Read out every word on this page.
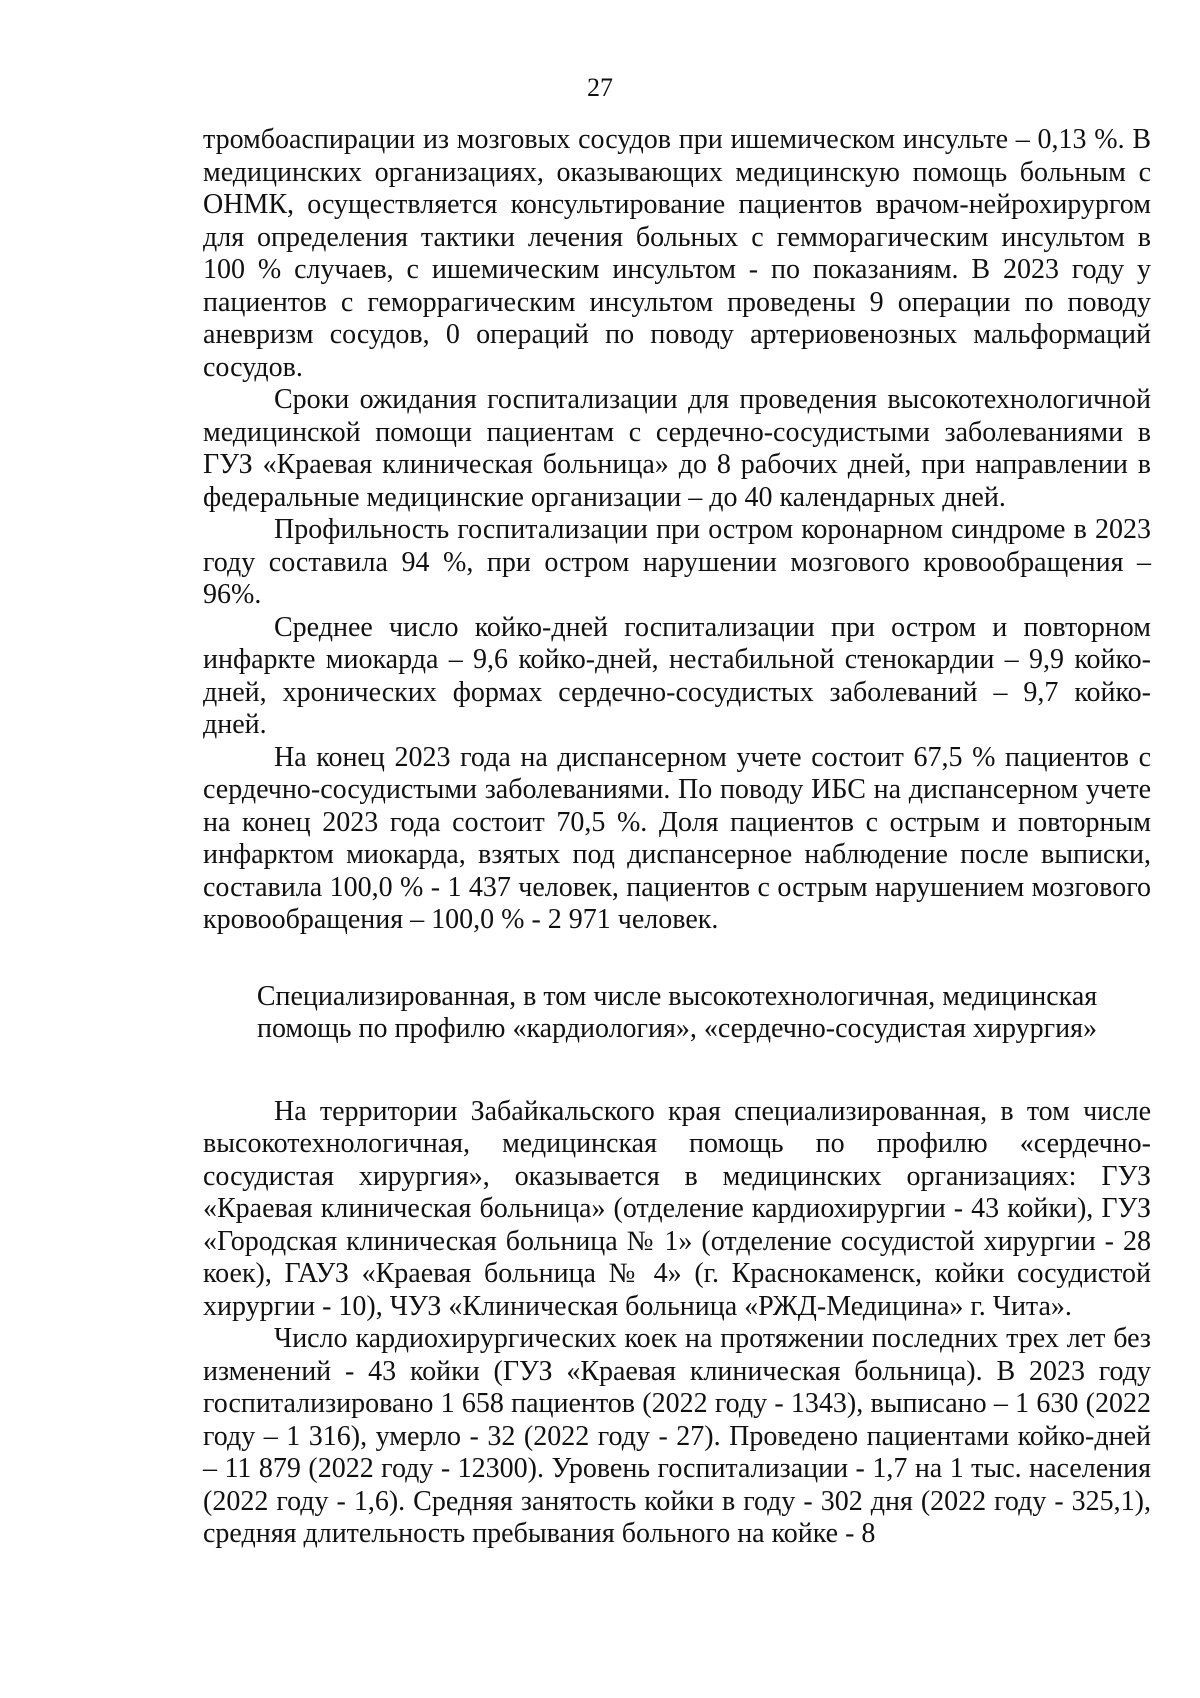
27

тромбоаспирации из мозговых сосудов при ишемическом инсульте – 0,13 %. В медицинских организациях, оказывающих медицинскую помощь больным с ОНМК, осуществляется консультирование пациентов врачом-нейрохирургом для определения тактики лечения больных с гемморагическим инсультом в 100 % случаев, с ишемическим инсультом - по показаниям. В 2023 году у пациентов с геморрагическим инсультом проведены 9 операции по поводу аневризм сосудов, 0 операций по поводу артериовенозных мальформаций сосудов.

Сроки ожидания госпитализации для проведения высокотехнологичной медицинской помощи пациентам с сердечно-сосудистыми заболеваниями в ГУЗ «Краевая клиническая больница» до 8 рабочих дней, при направлении в федеральные медицинские организации – до 40 календарных дней.

Профильность госпитализации при остром коронарном синдроме в 2023 году составила 94 %, при остром нарушении мозгового кровообращения – 96%.

Среднее число койко-дней госпитализации при остром и повторном инфаркте миокарда – 9,6 койко-дней, нестабильной стенокардии – 9,9 койко-дней, хронических формах сердечно-сосудистых заболеваний – 9,7 койко-дней.

На конец 2023 года на диспансерном учете состоит 67,5 % пациентов с сердечно-сосудистыми заболеваниями. По поводу ИБС на диспансерном учете на конец 2023 года состоит 70,5 %. Доля пациентов с острым и повторным инфарктом миокарда, взятых под диспансерное наблюдение после выписки, составила 100,0 % - 1 437 человек, пациентов с острым нарушением мозгового кровообращения – 100,0 % - 2 971 человек.

Специализированная, в том числе высокотехнологичная, медицинская
помощь по профилю «кардиология», «сердечно-сосудистая хирургия»

На территории Забайкальского края специализированная, в том числе высокотехнологичная, медицинская помощь по профилю «сердечно-сосудистая хирургия», оказывается в медицинских организациях: ГУЗ «Краевая клиническая больница» (отделение кардиохирургии - 43 койки), ГУЗ «Городская клиническая больница № 1» (отделение сосудистой хирургии - 28 коек), ГАУЗ «Краевая больница № 4» (г. Краснокаменск, койки сосудистой хирургии - 10), ЧУЗ «Клиническая больница «РЖД-Медицина» г. Чита».

Число кардиохирургических коек на протяжении последних трех лет без изменений - 43 койки (ГУЗ «Краевая клиническая больница). В 2023 году госпитализировано 1 658 пациентов (2022 году - 1343), выписано – 1 630 (2022 году – 1 316), умерло - 32 (2022 году - 27). Проведено пациентами койко-дней – 11 879 (2022 году - 12300). Уровень госпитализации - 1,7 на 1 тыс. населения (2022 году - 1,6). Средняя занятость койки в году - 302 дня (2022 году - 325,1), средняя длительность пребывания больного на койке - 8
